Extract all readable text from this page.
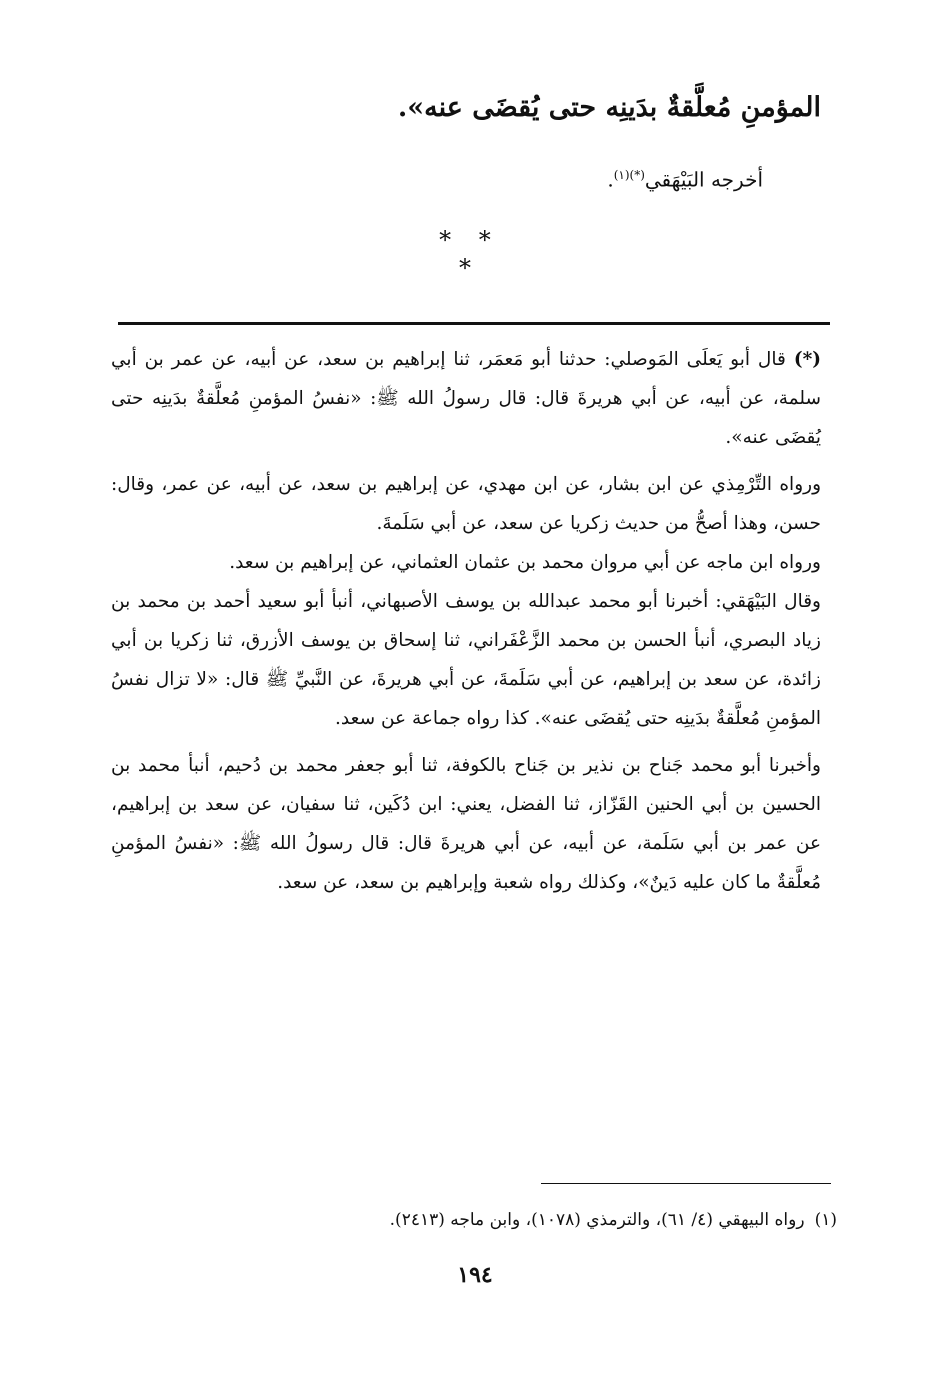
المؤمنِ مُعلَّقةٌ بدَينِه حتى يُقضَى عنه».
أخرجه البَيْهَقي$^{(*)(١)}$.
* * *

(*)قال أبو يَعلَى المَوصلي: حدثنا أبو مَعمَر، ثنا إبراهيم بن سعد، عن أبيه، عن عمر بن أبي سلمة، عن أبيه، عن أبي هريرةَ قال: قال رسولُ الله ﷺ: «نفسُ المؤمنِ مُعلَّقةٌ بدَينِه حتى يُقضَى عنه».

ورواه التِّرْمِذي عن ابن بشار، عن ابن مهدي، عن إبراهيم بن سعد، عن أبيه، عن عمر، وقال: حسن، وهذا أصحُّ من حديث زكريا عن سعد، عن أبي سَلَمةَ.

ورواه ابن ماجه عن أبي مروان محمد بن عثمان العثماني، عن إبراهيم بن سعد.

وقال البَيْهَقي: أخبرنا أبو محمد عبدالله بن يوسف الأصبهاني، أنبأ أبو سعيد أحمد بن محمد بن زياد البصري، أنبأ الحسن بن محمد الزَّعْفَراني، ثنا إسحاق بن يوسف الأزرق، ثنا زكريا بن أبي زائدة، عن سعد بن إبراهيم، عن أبي سَلَمةَ، عن أبي هريرةَ، عن النَّبيِّ ﷺ قال: «لا تزال نفسُ المؤمنِ مُعلَّقةٌ بدَينِه حتى يُقضَى عنه». كذا رواه جماعة عن سعد.

وأخبرنا أبو محمد جَناح بن نذير بن جَناح بالكوفة، ثنا أبو جعفر محمد بن دُحيم، أنبأ محمد بن الحسين بن أبي الحنين القَزّاز، ثنا الفضل، يعني: ابن دُكَين، ثنا سفيان، عن سعد بن إبراهيم، عن عمر بن أبي سَلَمة، عن أبيه، عن أبي هريرةَ قال: قال رسولُ الله ﷺ: «نفسُ المؤمنِ مُعلَّقةٌ ما كان عليه دَينٌ»، وكذلك رواه شعبة وإبراهيم بن سعد، عن سعد.

(١)رواه البيهقي (٤/ ٦١)، والترمذي (١٠٧٨)، وابن ماجه (٢٤١٣).
١٩٤
